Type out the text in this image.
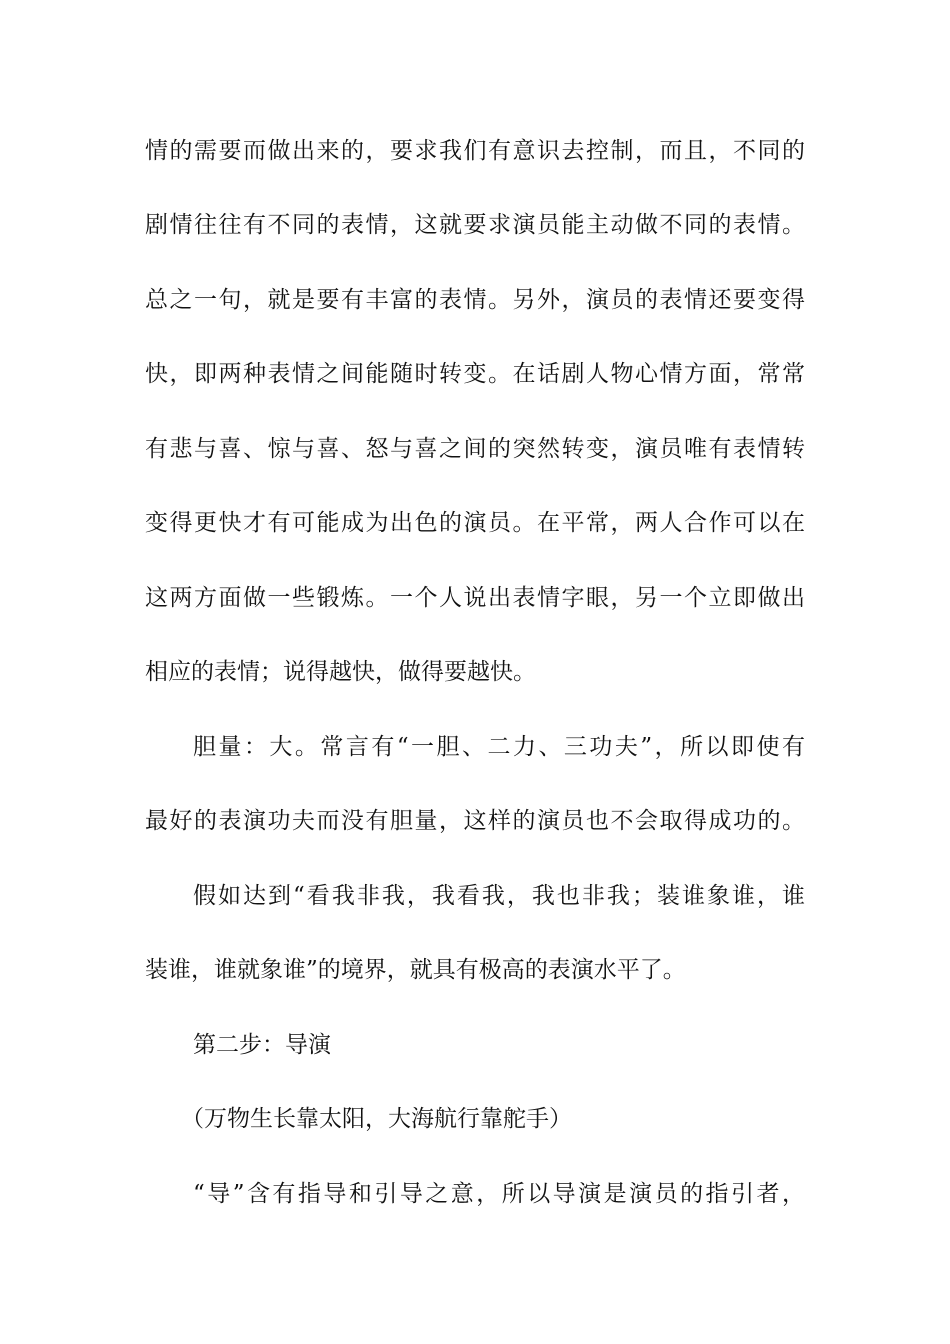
情的需要而做出来的，要求我们有意识去控制，而且，不同的
剧情往往有不同的表情，这就要求演员能主动做不同的表情。
总之一句，就是要有丰富的表情。另外，演员的表情还要变得
快，即两种表情之间能随时转变。在话剧人物心情方面，常常
有悲与喜、惊与喜、怒与喜之间的突然转变，演员唯有表情转
变得更快才有可能成为出色的演员。在平常，两人合作可以在
这两方面做一些锻炼。一个人说出表情字眼，另一个立即做出
相应的表情；说得越快，做得要越快。
胆量：大。常言有“一胆、二力、三功夫”，所以即使有
最好的表演功夫而没有胆量，这样的演员也不会取得成功的。
假如达到“看我非我，我看我，我也非我；装谁象谁，谁
装谁，谁就象谁”的境界，就具有极高的表演水平了。
第二步：导演
（万物生长靠太阳，大海航行靠舵手）
“导”含有指导和引导之意，所以导演是演员的指引者，
